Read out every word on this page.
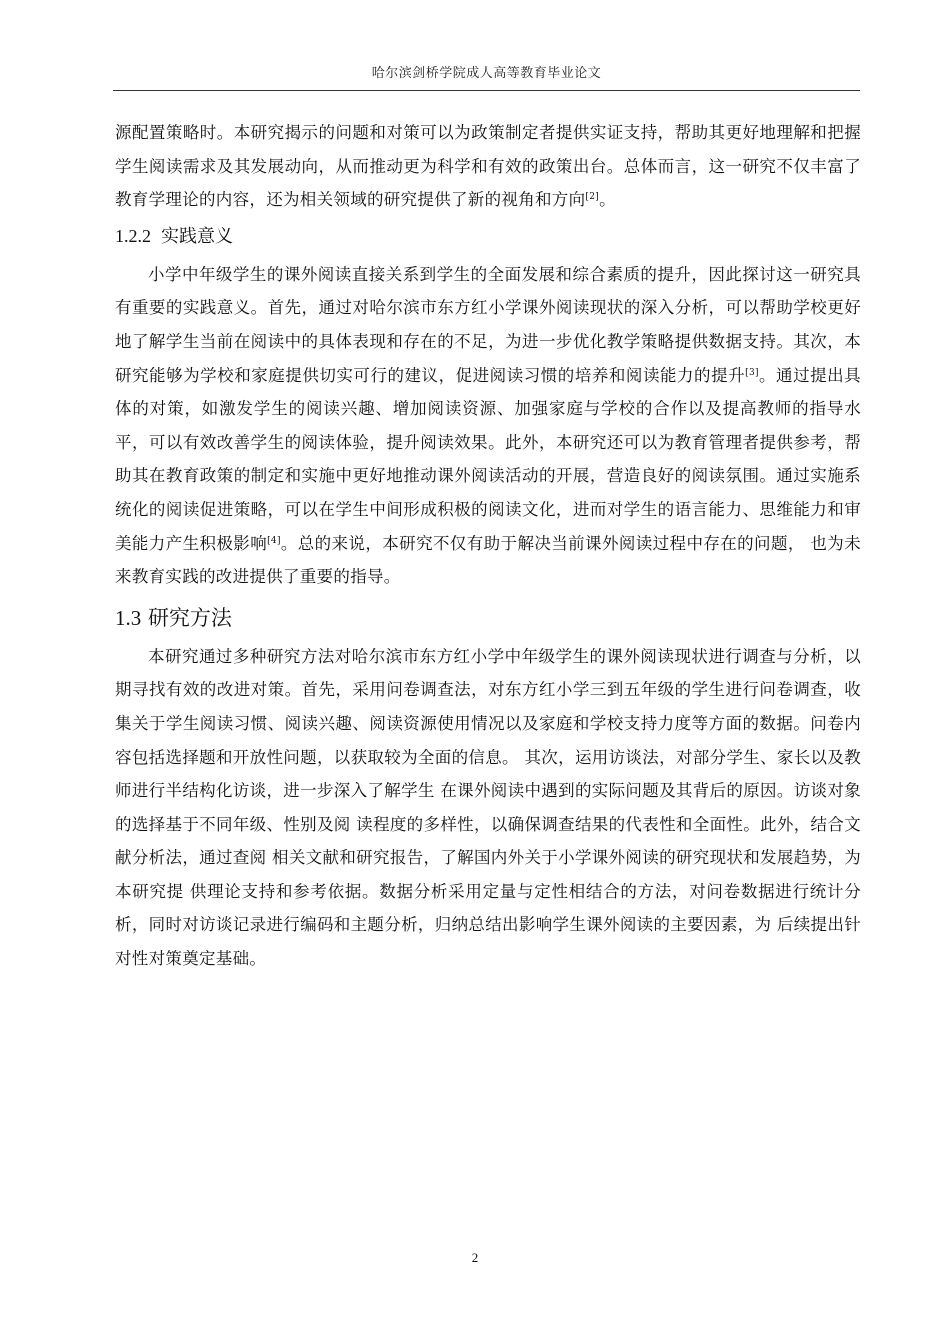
哈尔滨剑桥学院成人高等教育毕业论文

源配置策略时。本研究揭示的问题和对策可以为政策制定者提供实证支持，帮助其更好地理解和把握学生阅读需求及其发展动向，从而推动更为科学和有效的政策出台。总体而言，这一研究不仅丰富了教育学理论的内容，还为相关领域的研究提供了新的视角和方向[2]。

1.2.2 实践意义

小学中年级学生的课外阅读直接关系到学生的全面发展和综合素质的提升，因此探讨这一研究具有重要的实践意义。首先，通过对哈尔滨市东方红小学课外阅读现状的深入分析，可以帮助学校更好地了解学生当前在阅读中的具体表现和存在的不足，为进一步优化教学策略提供数据支持。其次，本研究能够为学校和家庭提供切实可行的建议，促进阅读习惯的培养和阅读能力的提升[3]。通过提出具体的对策，如激发学生的阅读兴趣、增加阅读资源、加强家庭与学校的合作以及提高教师的指导水平，可以有效改善学生的阅读体验，提升阅读效果。此外，本研究还可以为教育管理者提供参考，帮助其在教育政策的制定和实施中更好地推动课外阅读活动的开展，营造良好的阅读氛围。通过实施系统化的阅读促进策略，可以在学生中间形成积极的阅读文化，进而对学生的语言能力、思维能力和审美能力产生积极影响[4]。总的来说，本研究不仅有助于解决当前课外阅读过程中存在的问题， 也为未来教育实践的改进提供了重要的指导。

1.3 研究方法

本研究通过多种研究方法对哈尔滨市东方红小学中年级学生的课外阅读现状进行调查与分析，以期寻找有效的改进对策。首先，采用问卷调查法，对东方红小学三到五年级的学生进行问卷调查，收集关于学生阅读习惯、阅读兴趣、阅读资源使用情况以及家庭和学校支持力度等方面的数据。问卷内容包括选择题和开放性问题，以获取较为全面的信息。 其次，运用访谈法，对部分学生、家长以及教师进行半结构化访谈，进一步深入了解学生 在课外阅读中遇到的实际问题及其背后的原因。访谈对象的选择基于不同年级、性别及阅 读程度的多样性，以确保调查结果的代表性和全面性。此外，结合文献分析法，通过查阅 相关文献和研究报告，了解国内外关于小学课外阅读的研究现状和发展趋势，为本研究提 供理论支持和参考依据。数据分析采用定量与定性相结合的方法，对问卷数据进行统计分 析，同时对访谈记录进行编码和主题分析，归纳总结出影响学生课外阅读的主要因素，为 后续提出针对性对策奠定基础。

2
